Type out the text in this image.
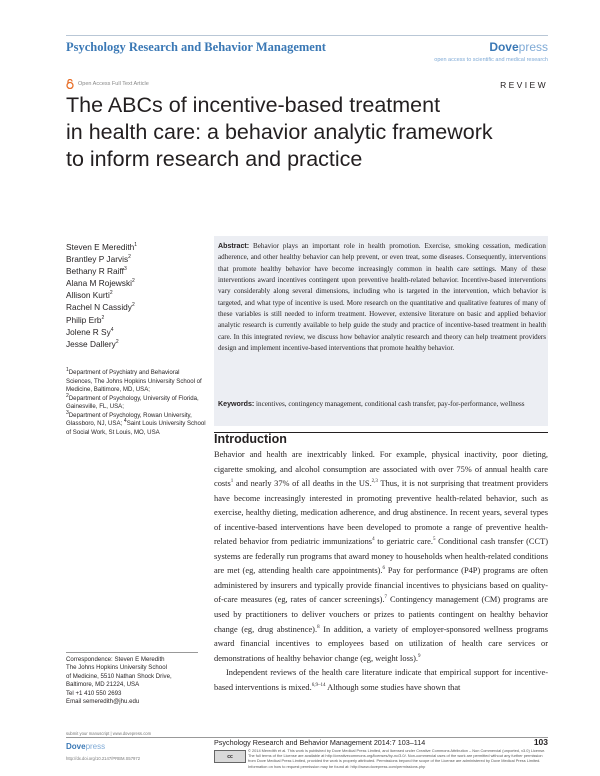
Psychology Research and Behavior Management	Dovepress
open access to scientific and medical research
Open Access Full Text Article	REVIEW
The ABCs of incentive-based treatment
in health care: a behavior analytic framework
to inform research and practice
Steven E Meredith$^1$
Brantley P Jarvis$^2$
Bethany R Raiff$^3$
Alana M Rojewski$^2$
Allison Kurti$^2$
Rachel N Cassidy$^2$
Philip Erb$^2$
Jolene R Sy$^4$
Jesse Dallery$^2$

$^1$Department of Psychiatry and Behavioral Sciences, The Johns Hopkins University School of Medicine, Baltimore, MD, USA;

$^2$Department of Psychology, University of Florida, Gainesville, FL, USA;

$^3$Department of Psychology, Rowan University, Glassboro, NJ, USA; $^4$Saint Louis University School of Social Work, St Louis, MO, USA

Correspondence: Steven E Meredith
The Johns Hopkins University School
of Medicine, 5510 Nathan Shock Drive,
Baltimore, MD 21224, USA
Tel +1 410 550 2693
Email semeredith@jhu.edu
Abstract: Behavior plays an important role in health promotion. Exercise, smoking cessation, medication adherence, and other healthy behavior can help prevent, or even treat, some diseases. Consequently, interventions that promote healthy behavior have become increasingly common in health care settings. Many of these interventions award incentives contingent upon preventive health-related behavior. Incentive-based interventions vary considerably along several dimensions, including who is targeted in the intervention, which behavior is targeted, and what type of incentive is used. More research on the quantitative and qualitative features of many of these variables is still needed to inform treatment. However, extensive literature on basic and applied behavior analytic research is currently available to help guide the study and practice of incentive-based treatment in health care. In this integrated review, we discuss how behavior analytic research and theory can help treatment providers design and implement incentive-based interventions that promote healthy behavior.
Keywords: incentives, contingency management, conditional cash transfer, pay-for-performance, wellness
Introduction

Behavior and health are inextricably linked. For example, physical inactivity, poor dieting, cigarette smoking, and alcohol consumption are associated with over 75% of annual health care costs$^1$ and nearly 37% of all deaths in the US.$^{2,3}$ Thus, it is not surprising that treatment providers have become increasingly interested in promoting preventive health-related behavior, such as exercise, healthy dieting, medication adherence, and drug abstinence. In recent years, several types of incentive-based interventions have been developed to promote a range of preventive health-related behavior from pediatric immunizations$^4$ to geriatric care.$^5$ Conditional cash transfer (CCT) systems are federally run programs that award money to households when health-related conditions are met (eg, attending health care appointments).$^6$ Pay for performance (P4P) programs are often administered by insurers and typically provide financial incentives to physicians based on quality-of-care measures (eg, rates of cancer screenings).$^7$ Contingency management (CM) programs are used by practitioners to deliver vouchers or prizes to patients contingent on healthy behavior change (eg, drug abstinence).$^8$ In addition, a variety of employer-sponsored wellness programs award financial incentives to employees based on utilization of health care services or demonstrations of healthy behavior change (eg, weight loss).$^9$

Independent reviews of the health care literature indicate that empirical support for incentive-based interventions is mixed.$^{6,9-14}$ Although some studies have shown that

submit your manuscript | www.dovepress.com
Psychology Research and Behavior Management 2014:7 103–114	103
Dovepress
http://dx.doi.org/10.2147/PRBM.S57972	cc
© 2014 Meredith et al. This work is published by Dove Medical Press Limited, and licensed under Creative Commons Attribution – Non Commercial (unported, v3.0) License. The full terms of the License are available at http://creativecommons.org/licenses/by-nc/3.0/. Non-commercial uses of the work are permitted without any further permission from Dove Medical Press Limited, provided the work is properly attributed. Permissions beyond the scope of the License are administered by Dove Medical Press Limited. Information on how to request permission may be found at: http://www.dovepress.com/permissions.php
